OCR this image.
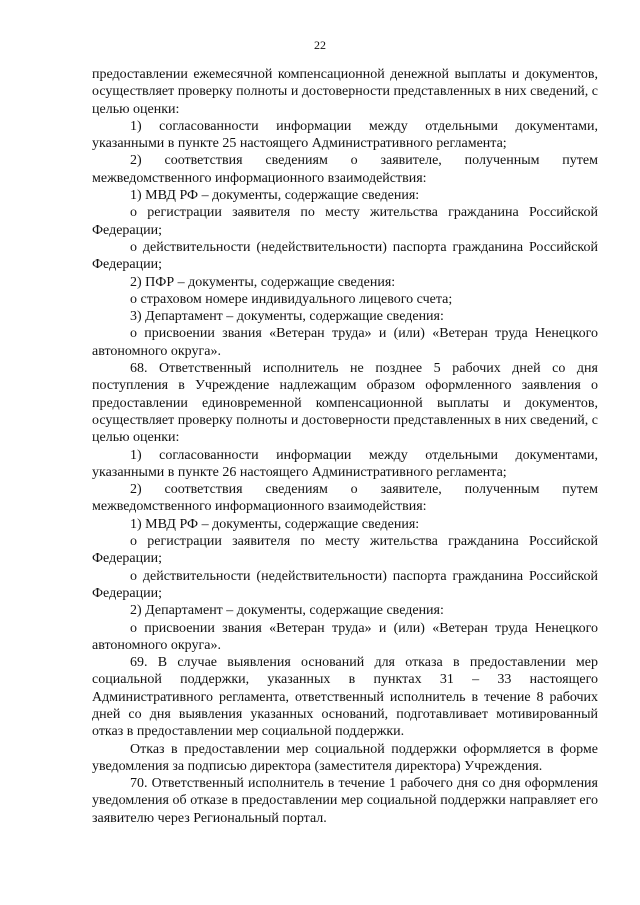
22

предоставлении ежемесячной компенсационной денежной выплаты и документов, осуществляет проверку полноты и достоверности представленных в них сведений, с целью оценки:

1) согласованности информации между отдельными документами, указанными в пункте 25 настоящего Административного регламента;

2) соответствия сведениям о заявителе, полученным путем межведомственного информационного взаимодействия:

1) МВД РФ – документы, содержащие сведения:

о регистрации заявителя по месту жительства гражданина Российской Федерации;

о действительности (недействительности) паспорта гражданина Российской Федерации;

2) ПФР – документы, содержащие сведения:

о страховом номере индивидуального лицевого счета;

3) Департамент – документы, содержащие сведения:

о присвоении звания «Ветеран труда» и (или) «Ветеран труда Ненецкого автономного округа».

68. Ответственный исполнитель не позднее 5 рабочих дней со дня поступления в Учреждение надлежащим образом оформленного заявления о предоставлении единовременной компенсационной выплаты и документов, осуществляет проверку полноты и достоверности представленных в них сведений, с целью оценки:

1) согласованности информации между отдельными документами, указанными в пункте 26 настоящего Административного регламента;

2) соответствия сведениям о заявителе, полученным путем межведомственного информационного взаимодействия:

1) МВД РФ – документы, содержащие сведения:

о регистрации заявителя по месту жительства гражданина Российской Федерации;

о действительности (недействительности) паспорта гражданина Российской Федерации;

2) Департамент – документы, содержащие сведения:

о присвоении звания «Ветеран труда» и (или) «Ветеран труда Ненецкого автономного округа».

69. В случае выявления оснований для отказа в предоставлении мер социальной поддержки, указанных в пунктах 31 – 33 настоящего Административного регламента, ответственный исполнитель в течение 8 рабочих дней со дня выявления указанных оснований, подготавливает мотивированный отказ в предоставлении мер социальной поддержки.

Отказ в предоставлении мер социальной поддержки оформляется в форме уведомления за подписью директора (заместителя директора) Учреждения.

70. Ответственный исполнитель в течение 1 рабочего дня со дня оформления уведомления об отказе в предоставлении мер социальной поддержки направляет его заявителю через Региональный портал.
